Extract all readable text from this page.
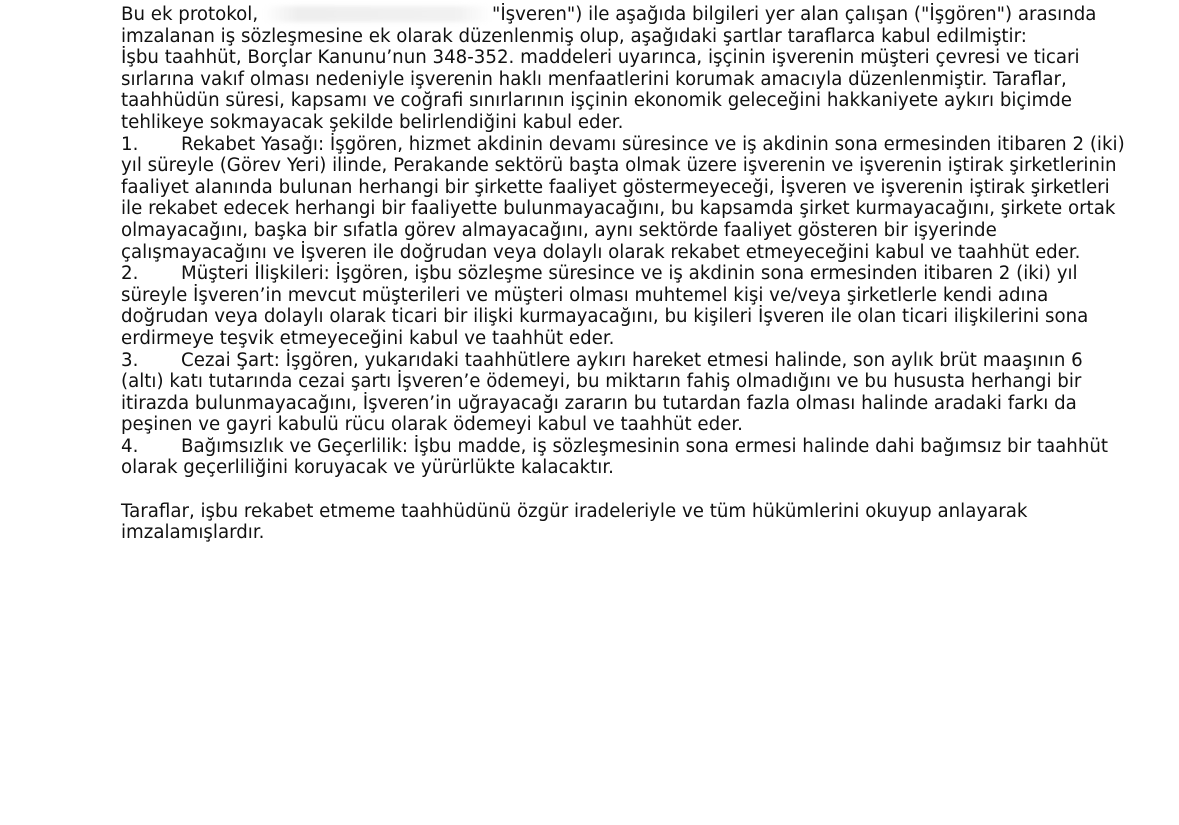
Bu ek protokol,	"İşveren") ile aşağıda bilgileri yer alan çalışan ("İşgören") arasında imzalanan iş sözleşmesine ek olarak düzenlenmiş olup, aşağıdaki şartlar taraflarca kabul edilmiştir:

İşbu taahhüt, Borçlar Kanunu’nun 348-352. maddeleri uyarınca, işçinin işverenin müşteri çevresi ve ticari sırlarına vakıf olması nedeniyle işverenin haklı menfaatlerini korumak amacıyla düzenlenmiştir. Taraflar, taahhüdün süresi, kapsamı ve coğrafi sınırlarının işçinin ekonomik geleceğini hakkaniyete aykırı biçimde tehlikeye sokmayacak şekilde belirlendiğini kabul eder.

1. Rekabet Yasağı: İşgören, hizmet akdinin devamı süresince ve iş akdinin sona ermesinden itibaren 2 (iki) yıl süreyle (Görev Yeri) ilinde, Perakande sektörü başta olmak üzere işverenin ve işverenin iştirak şirketlerinin faaliyet alanında bulunan herhangi bir şirkette faaliyet göstermeyeceği, İşveren ve işverenin iştirak şirketleri ile rekabet edecek herhangi bir faaliyette bulunmayacağını, bu kapsamda şirket kurmayacağını, şirkete ortak olmayacağını, başka bir sıfatla görev almayacağını, aynı sektörde faaliyet gösteren bir işyerinde çalışmayacağını ve İşveren ile doğrudan veya dolaylı olarak rekabet etmeyeceğini kabul ve taahhüt eder.

2. Müşteri İlişkileri: İşgören, işbu sözleşme süresince ve iş akdinin sona ermesinden itibaren 2 (iki) yıl süreyle İşveren’in mevcut müşterileri ve müşteri olması muhtemel kişi ve/veya şirketlerle kendi adına doğrudan veya dolaylı olarak ticari bir ilişki kurmayacağını, bu kişileri İşveren ile olan ticari ilişkilerini sona erdirmeye teşvik etmeyeceğini kabul ve taahhüt eder.

3. Cezai Şart: İşgören, yukarıdaki taahhütlere aykırı hareket etmesi halinde, son aylık brüt maaşının 6 (altı) katı tutarında cezai şartı İşveren’e ödemeyi, bu miktarın fahiş olmadığını ve bu hususta herhangi bir itirazda bulunmayacağını, İşveren’in uğrayacağı zararın bu tutardan fazla olması halinde aradaki farkı da peşinen ve gayri kabulü rücu olarak ödemeyi kabul ve taahhüt eder.

4. Bağımsızlık ve Geçerlilik: İşbu madde, iş sözleşmesinin sona ermesi halinde dahi bağımsız bir taahhüt olarak geçerliliğini koruyacak ve yürürlükte kalacaktır.

Taraflar, işbu rekabet etmeme taahhüdünü özgür iradeleriyle ve tüm hükümlerini okuyup anlayarak imzalamışlardır.
